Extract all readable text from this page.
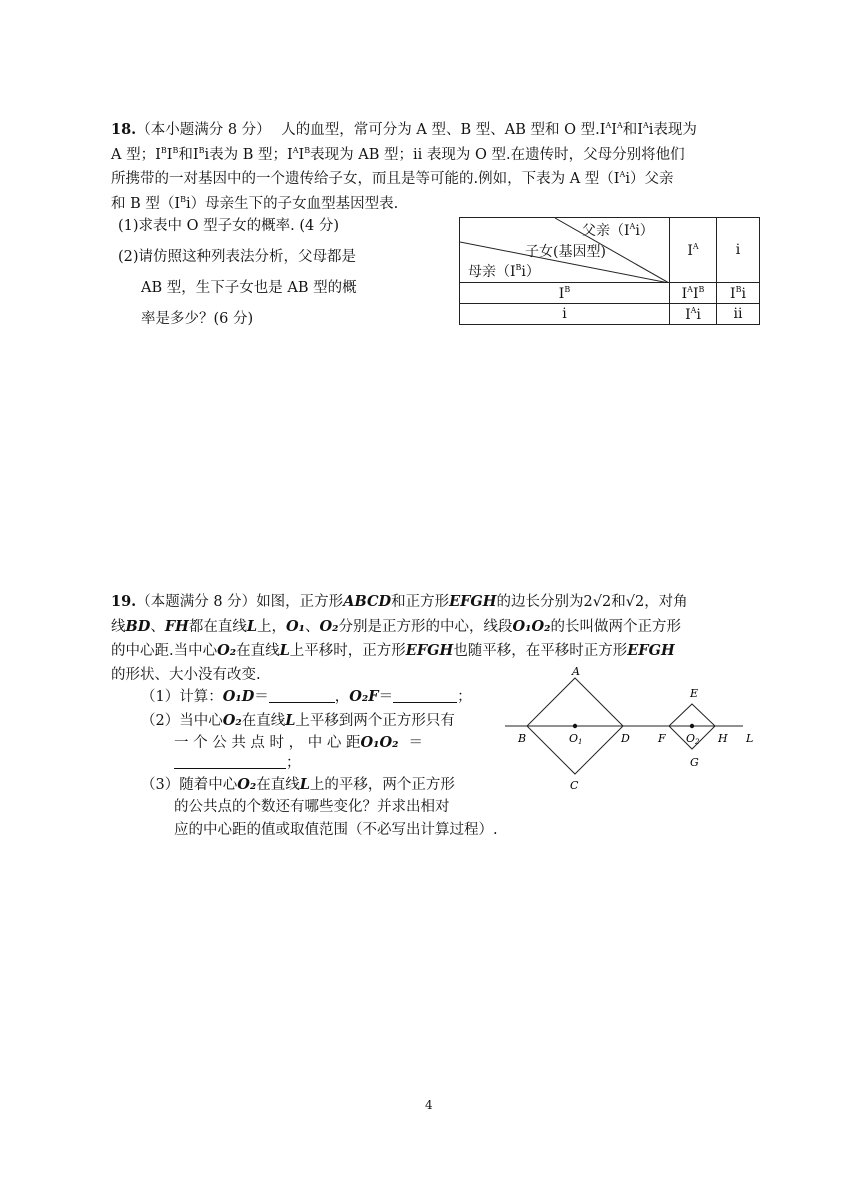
18.（本小题满分 8 分） 人的血型，常可分为 A 型、B 型、AB 型和 O 型$.I^AI^A$和$I^Ai$表现为
A 型；$I^BI^B$和$I^Bi$表为 B 型；$I^AI^B$表现为 AB 型；ii 表现为 O 型.在遗传时，父母分别将他们
所携带的一对基因中的一个遗传给子女，而且是等可能的.例如，下表为 A 型$(I^Ai)$父亲
和 B 型$(I^Bi)$母亲生下的子女血型基因型表.
(1)求表中 O 型子女的概率. (4 分)
(2)请仿照这种列表法分析，父母都是
AB 型，生下子女也是 AB 型的概
率是多少？(6 分)
父亲$(I^Ai)$
子女(基因型)
母亲$(I^Bi)$	$I^A$	i
$I^B$	$I^AI^B$	$I^Bi$
i	$I^Ai$	ii
19.（本题满分 8 分）如图，正方形ABCD和正方形EFGH的边长分别为2√2和√2，对角
线BD、FH都在直线L上，O₁、O₂分别是正方形的中心，线段O₁O₂的长叫做两个正方形
的中心距.当中心O₂在直线L上平移时，正方形EFGH也随平移，在平移时正方形EFGH
的形状、大小没有改变.
（1）计算：O₁D＝	，O₂F＝	；
（2）当中心O₂在直线L上平移到两个正方形只有
一 个 公 共 点 时 ， 中 心 距O₁O₂ ＝
；
（3）随着中心O₂在直线L上的平移，两个正方形
的公共点的个数还有哪些变化？并求出相对
应的中心距的值或取值范围（不必写出计算过程）.
A
B
C
D
O1
E
F O2 H
G
L
4
